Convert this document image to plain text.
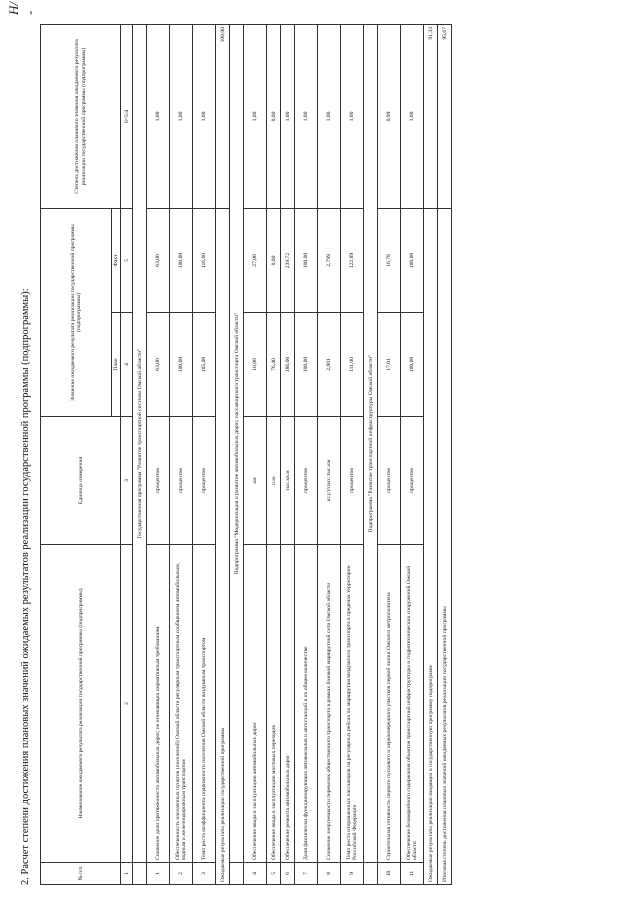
Н/ -
2. Расчет степени достижения плановых значений ожидаемых результатов реализации государственной программы (подпрограммы):	№ п/п	Наименование ожидаемого результата реализации государственной программы (подпрограммы)	Единица измерения	Значение ожидаемого результата реализации государственной программы (подпрограммы)		Степень достижения планового значения ожидаемого результата реализации государственной программы (подпрограммы)
			План	Факт	
1	2	3	4	5	6=5/4
	Государственная программа "Развитие транспортной системы Омской области"				
1	Снижение доли протяженности автомобильных дорог, не отвечающих нормативным требованиям	процентов	63,00	63,00	1,00
2	Обеспеченность населенных пунктов (поселений) Омской области регулярным транспортным сообщением автомобильным, водным и железнодорожным транспортом	процентов	100,00	100,00	1,00
3	Темп роста коэффициента подвижности населения Омской области воздушным транспортом	процентов	105,00	116,60	1,00
Ожидаемые результаты реализации государственной программы					100,00
	Подпрограмма "Модернизация и развитие автомобильных дорог, пассажирского транспорта Омской области"				
4	Обеспечение ввода в эксплуатацию автомобильных дорог	км	10,80	27,00	1,00
5	Обеспечение ввода в эксплуатацию мостовых переходов	п.м.	76,40	0,00	0,00
6	Обеспечение ремонта автомобильных дорог	тыс.кв.м	186,00	239,72	1,00
7	Доля фактически функционирующих автовокзалов и автостанций в их общем количестве	процентов	100,00	100,00	1,00
8	Снижение энергоемкости перевозок общественного транспорта в рамках базовой маршрутной сети Омской области	кг.у.т/пасс.тыс.км	2,801	2,799	1,00
9	Темп роста отправленных пассажиров на регулярных рейсах по маршрутам воздушного транспорта в пределах территории Российской Федерации	процентов	111,00	122,89	1,00
	Подпрограмма "Развитие транспортной инфраструктуры Омской области"				
10	Строительная готовность первого пускового и первоочередного участков первой линии Омского метрополитена	процентов	17,01	16,78	0,99
11	Обеспечение безаварийного содержания объектов транспортной инфраструктуры и гидротехнических сооружений Омской области	процентов	100,00	100,00	1,00
Ожидаемые результаты реализации входящих в государственную программу подпрограмм					91,33
Итоговая степень достижения плановых значений ожидаемых результатов реализации государственной программы					95,67
